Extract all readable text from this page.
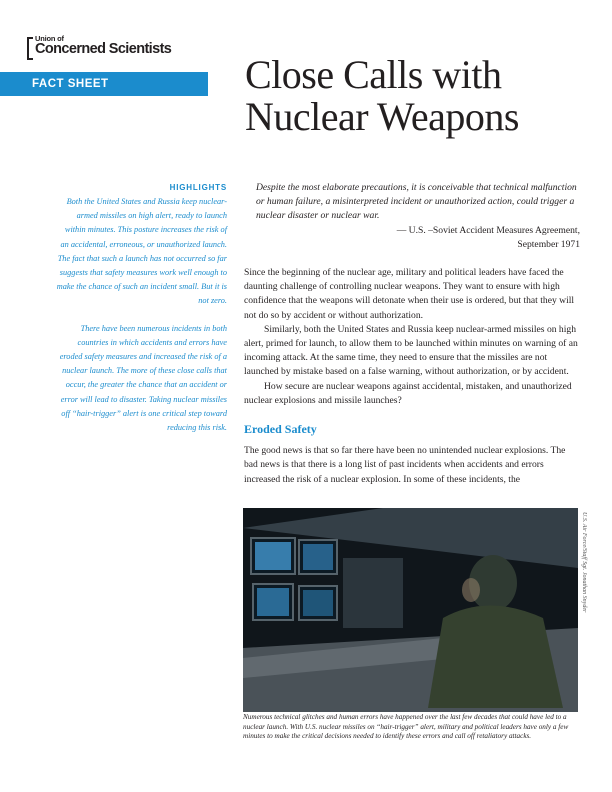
Union of
Concerned Scientists
FACT SHEET	Close Calls with
Nuclear Weapons
HIGHLIGHTS

Both the United States and Russia keep nuclear-armed missiles on high alert, ready to launch within minutes. This posture increases the risk of an accidental, erroneous, or unauthorized launch. The fact that such a launch has not occurred so far suggests that safety measures work well enough to make the chance of such an incident small. But it is not zero.

There have been numerous incidents in both countries in which accidents and errors have eroded safety measures and increased the risk of a nuclear launch. The more of these close calls that occur, the greater the chance that an accident or error will lead to disaster. Taking nuclear missiles off “hair-trigger” alert is one critical step toward reducing this risk.

Despite the most elaborate precautions, it is conceivable that technical malfunction or human failure, a misinterpreted incident or unauthorized action, could trigger a nuclear disaster or nuclear war.

— U.S. –Soviet Accident Measures Agreement,
September 1971

Since the beginning of the nuclear age, military and political leaders have faced the daunting challenge of controlling nuclear weapons. They want to ensure with high confidence that the weapons will detonate when their use is ordered, but that they will not do so by accident or without authorization.

Similarly, both the United States and Russia keep nuclear-armed missiles on high alert, primed for launch, to allow them to be launched within minutes on warning of an incoming attack. At the same time, they need to ensure that the missiles are not launched by mistake based on a false warning, without authorization, or by accident.

How secure are nuclear weapons against accidental, mistaken, and unauthorized nuclear explosions and missile launches?

Eroded Safety

The good news is that so far there have been no unintended nuclear explosions. The bad news is that there is a long list of past incidents when accidents and errors increased the risk of a nuclear explosion. In some of these incidents, the

U.S. Air Force/Staff Sgt. Jonathan Snyder

Numerous technical glitches and human errors have happened over the last few decades that could have led to a nuclear launch. With U.S. nuclear missiles on “hair-trigger” alert, military and political leaders have only a few minutes to make the critical decisions needed to identify these errors and call off retaliatory attacks.
